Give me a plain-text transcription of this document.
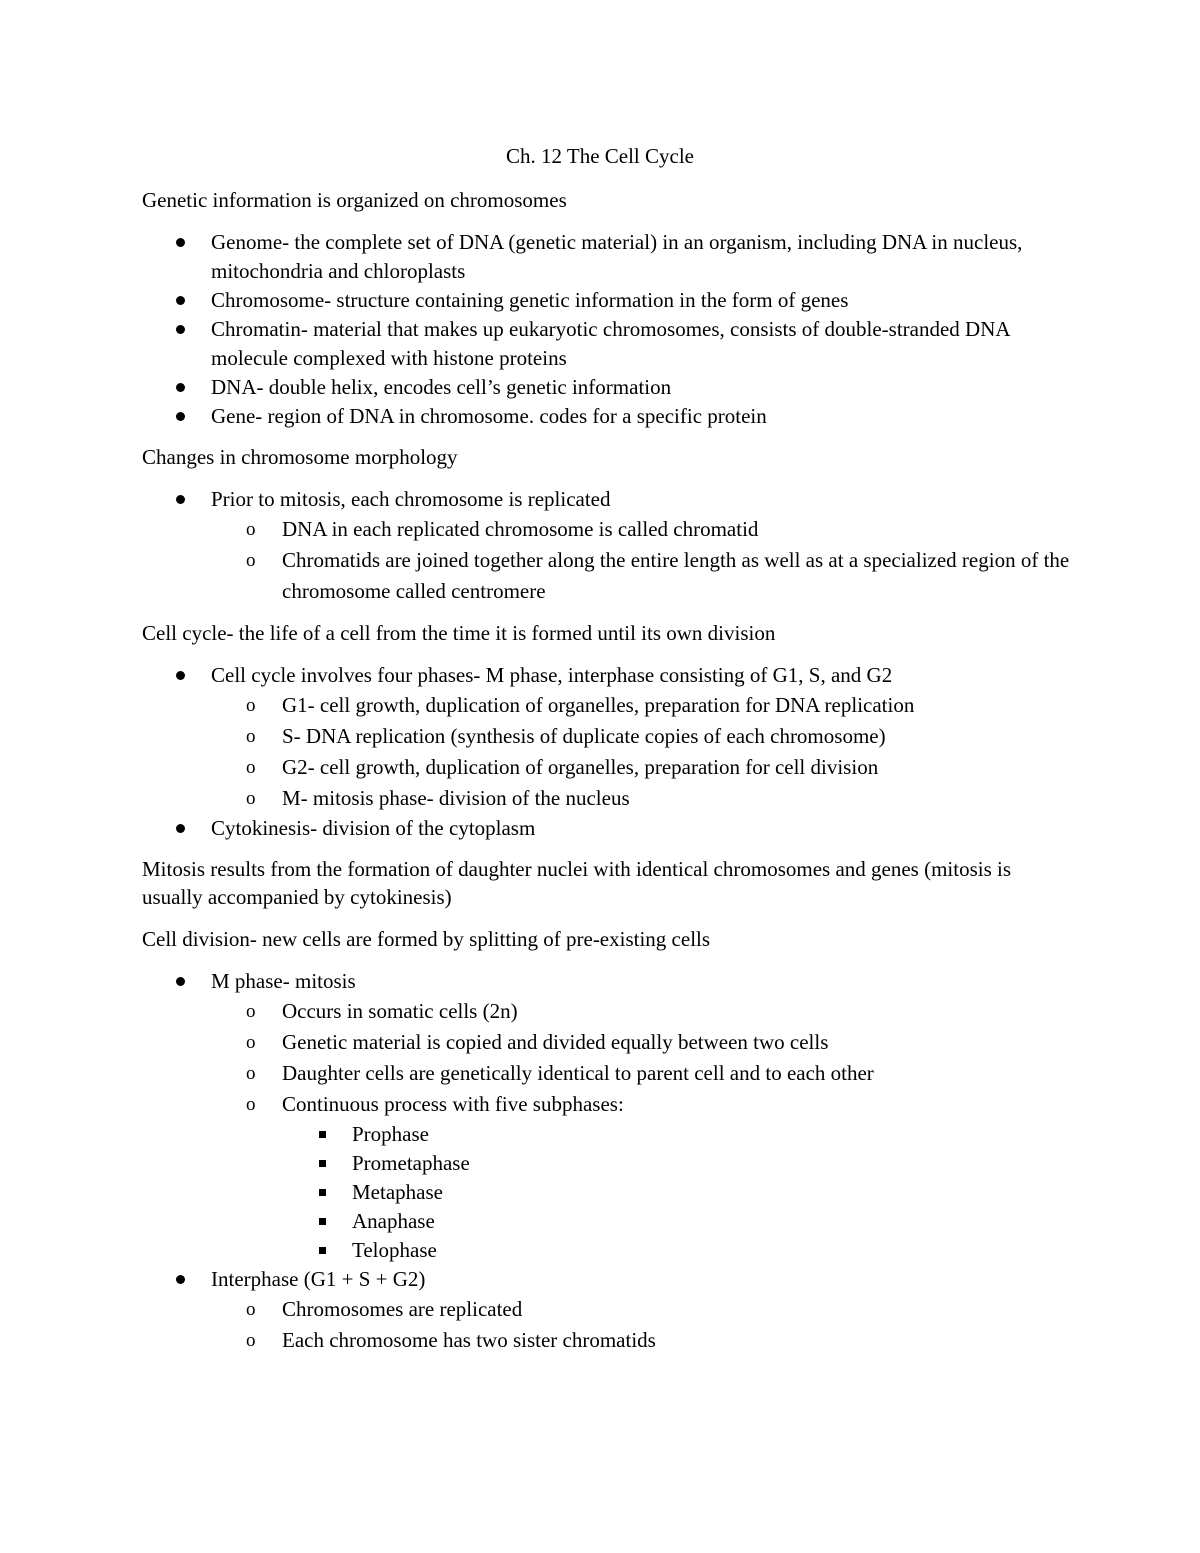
Ch. 12 The Cell Cycle

Genetic information is organized on chromosomes

Genome- the complete set of DNA (genetic material) in an organism, including DNA in nucleus, mitochondria and chloroplasts
Chromosome- structure containing genetic information in the form of genes
Chromatin- material that makes up eukaryotic chromosomes, consists of double-stranded DNA molecule complexed with histone proteins
DNA- double helix, encodes cell’s genetic information
Gene- region of DNA in chromosome. codes for a specific protein

Changes in chromosome morphology

Prior to mitosis, each chromosome is replicated
o DNA in each replicated chromosome is called chromatid
o Chromatids are joined together along the entire length as well as at a specialized region of the chromosome called centromere

Cell cycle- the life of a cell from the time it is formed until its own division

Cell cycle involves four phases- M phase, interphase consisting of G1, S, and G2
o G1- cell growth, duplication of organelles, preparation for DNA replication
o S- DNA replication (synthesis of duplicate copies of each chromosome)
o G2- cell growth, duplication of organelles, preparation for cell division
o M- mitosis phase- division of the nucleus
Cytokinesis- division of the cytoplasm

Mitosis results from the formation of daughter nuclei with identical chromosomes and genes (mitosis is usually accompanied by cytokinesis)

Cell division- new cells are formed by splitting of pre-existing cells

M phase- mitosis
o Occurs in somatic cells (2n)
o Genetic material is copied and divided equally between two cells
o Daughter cells are genetically identical to parent cell and to each other
o Continuous process with five subphases:
Prophase
Prometaphase
Metaphase
Anaphase
Telophase
Interphase (G1 + S + G2)
o Chromosomes are replicated
o Each chromosome has two sister chromatids
